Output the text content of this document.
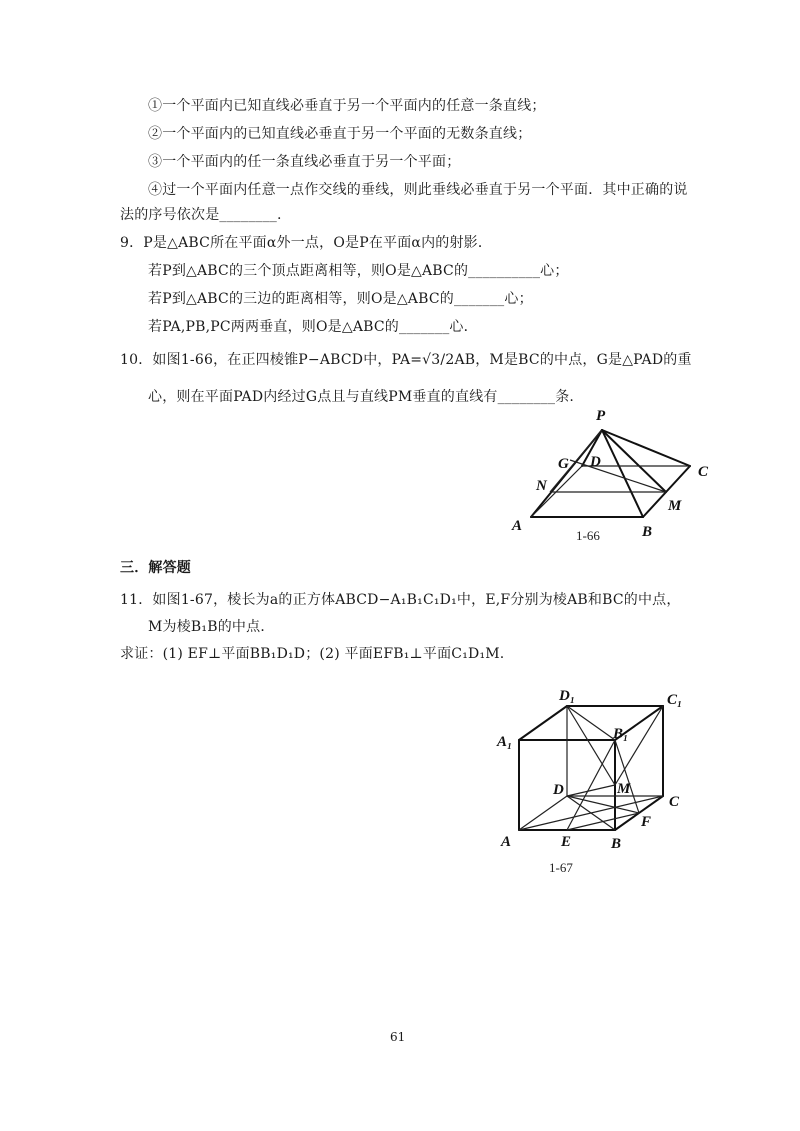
①一个平面内已知直线必垂直于另一个平面内的任意一条直线；
②一个平面内的已知直线必垂直于另一个平面的无数条直线；
③一个平面内的任一条直线必垂直于另一个平面；
④过一个平面内任意一点作交线的垂线，则此垂线必垂直于另一个平面．其中正确的说
法的序号依次是________.
9．P是△ABC所在平面α外一点，O是P在平面α内的射影．
若P到△ABC的三个顶点距离相等，则O是△ABC的__________心；
若P到△ABC的三边的距离相等，则O是△ABC的_______心；
若PA,PB,PC两两垂直，则O是△ABC的_______心．
10．如图1-66，在正四棱锥P−ABCD中，PA=√3/2AB，M是BC的中点，G是△PAD的重
心，则在平面PAD内经过G点且与直线PM垂直的直线有________条.
三．解答题
11．如图1-67，棱长为a的正方体ABCD−A₁B₁C₁D₁中，E,F分别为棱AB和BC的中点，
M为棱B₁B的中点．
求证：(1) EF⊥平面BB₁D₁D；(2) 平面EFB₁⊥平面C₁D₁M.
P
G D
C
N
M
A	B
1-66
D₁	C₁
A₁	B₁
D	M
C
F
A	E	B
1-67
61
